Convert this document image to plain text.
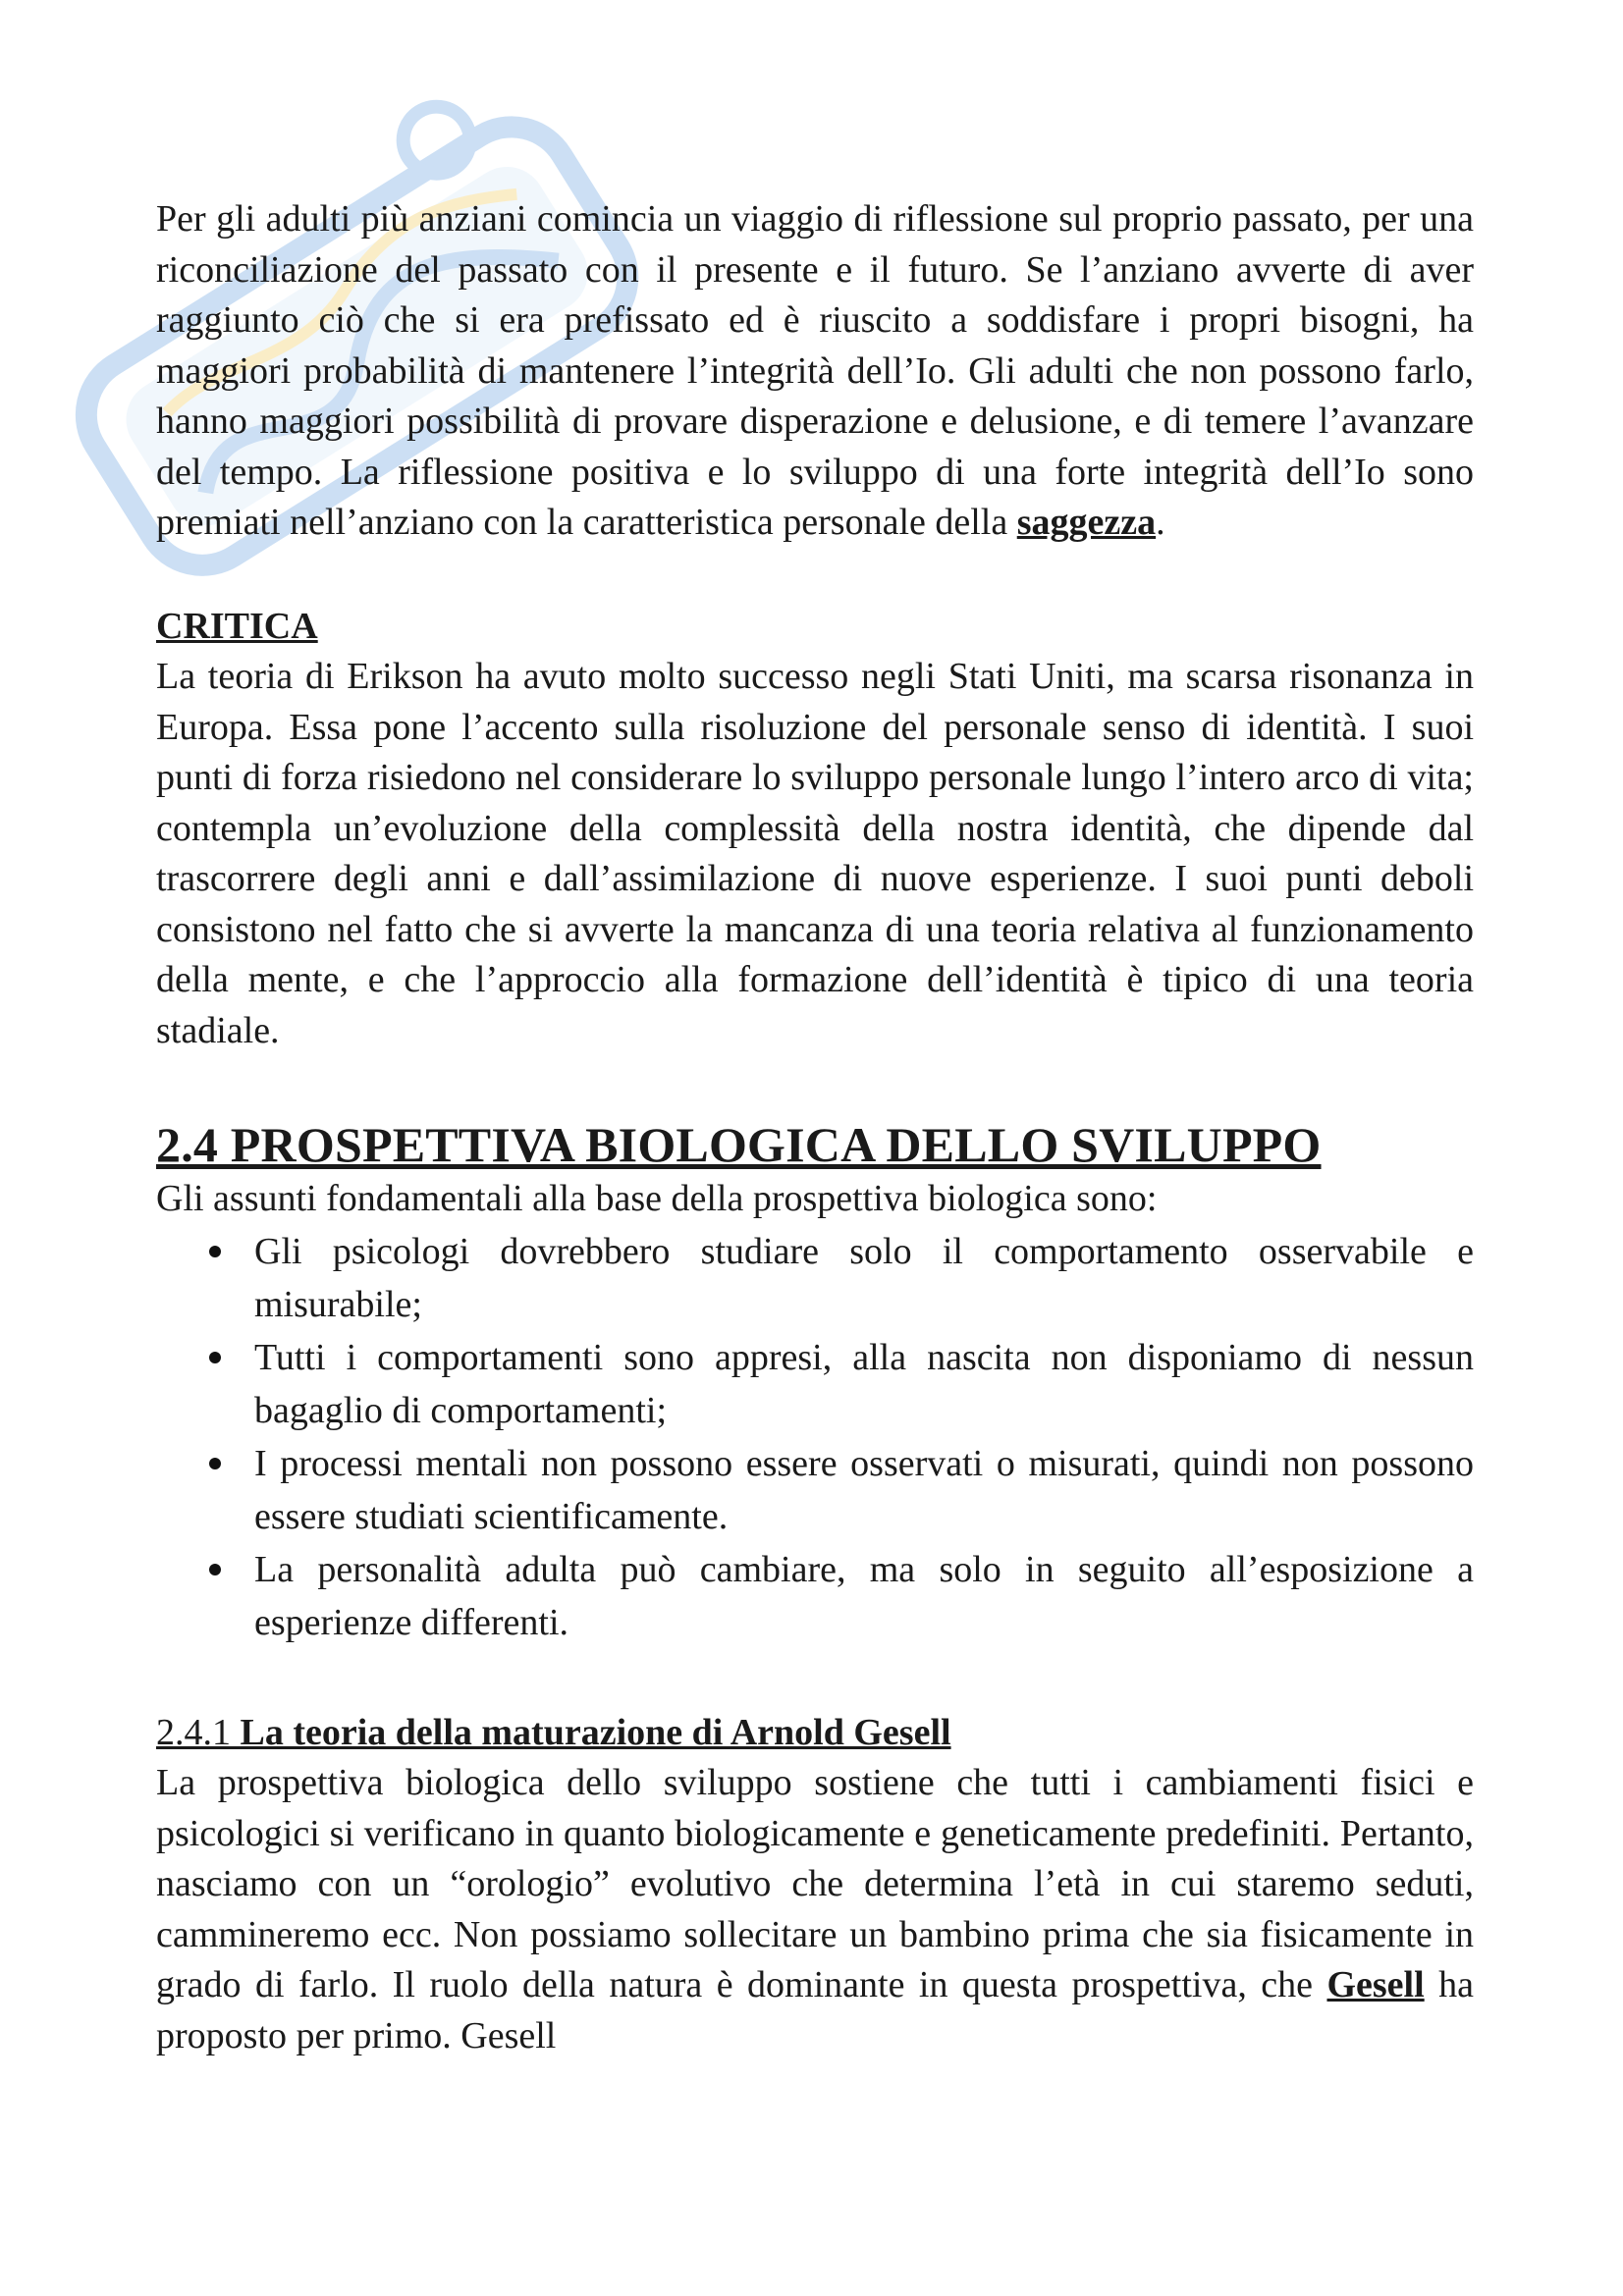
Per gli adulti più anziani comincia un viaggio di riflessione sul proprio passato, per una riconciliazione del passato con il presente e il futuro. Se l’anziano avverte di aver raggiunto ciò che si era prefissato ed è riuscito a soddisfare i propri bisogni, ha maggiori probabilità di mantenere l’integrità dell’Io. Gli adulti che non possono farlo, hanno maggiori possibilità di provare disperazione e delusione, e di temere l’avanzare del tempo. La riflessione positiva e lo sviluppo di una forte integrità dell’Io sono premiati nell’anziano con la caratteristica personale della saggezza.

CRITICA

La teoria di Erikson ha avuto molto successo negli Stati Uniti, ma scarsa risonanza in Europa. Essa pone l’accento sulla risoluzione del personale senso di identità. I suoi punti di forza risiedono nel considerare lo sviluppo personale lungo l’intero arco di vita; contempla un’evoluzione della complessità della nostra identità, che dipende dal trascorrere degli anni e dall’assimilazione di nuove esperienze. I suoi punti deboli consistono nel fatto che si avverte la mancanza di una teoria relativa al funzionamento della mente, e che l’approccio alla formazione dell’identità è tipico di una teoria stadiale.

2.4 PROSPETTIVA BIOLOGICA DELLO SVILUPPO

Gli assunti fondamentali alla base della prospettiva biologica sono:

Gli psicologi dovrebbero studiare solo il comportamento osservabile e misurabile;
Tutti i comportamenti sono appresi, alla nascita non disponiamo di nessun bagaglio di comportamenti;
I processi mentali non possono essere osservati o misurati, quindi non possono essere studiati scientificamente.
La personalità adulta può cambiare, ma solo in seguito all’esposizione a esperienze differenti.
2.4.1 La teoria della maturazione di Arnold Gesell

La prospettiva biologica dello sviluppo sostiene che tutti i cambiamenti fisici e psicologici si verificano in quanto biologicamente e geneticamente predefiniti. Pertanto, nasciamo con un “orologio” evolutivo che determina l’età in cui staremo seduti, cammineremo ecc. Non possiamo sollecitare un bambino prima che sia fisicamente in grado di farlo. Il ruolo della natura è dominante in questa prospettiva, che Gesell ha proposto per primo. Gesell
